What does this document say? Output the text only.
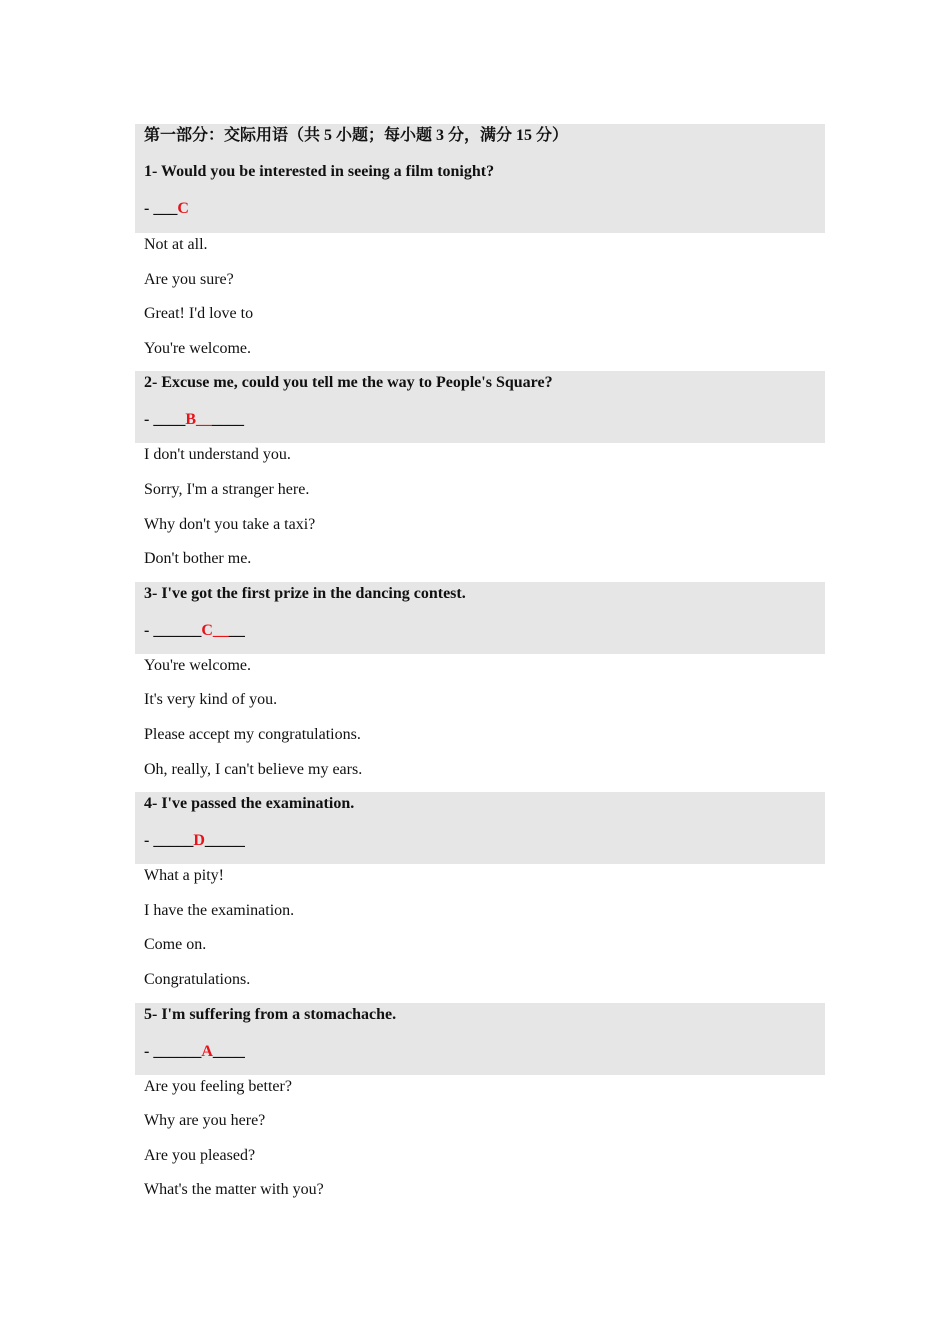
第一部分：交际用语（共 5 小题；每小题 3 分，满分 15 分）
1- Would you be interested in seeing a film tonight?
- ___C
Not at all.
Are you sure?
Great! I'd love to
You're welcome.
2- Excuse me, could you tell me the way to People's Square?
- ____B______
I don't understand you.
Sorry, I'm a stranger here.
Why don't you take a taxi?
Don't bother me.
3- I've got the first prize in the dancing contest.
- ______C____
You're welcome.
It's very kind of you.
Please accept my congratulations.
Oh, really, I can't believe my ears.
4- I've passed the examination.
- _____D_____
What a pity!
I have the examination.
Come on.
Congratulations.
5- I'm suffering from a stomachache.
- ______A____
Are you feeling better?
Why are you here?
Are you pleased?
What's the matter with you?
